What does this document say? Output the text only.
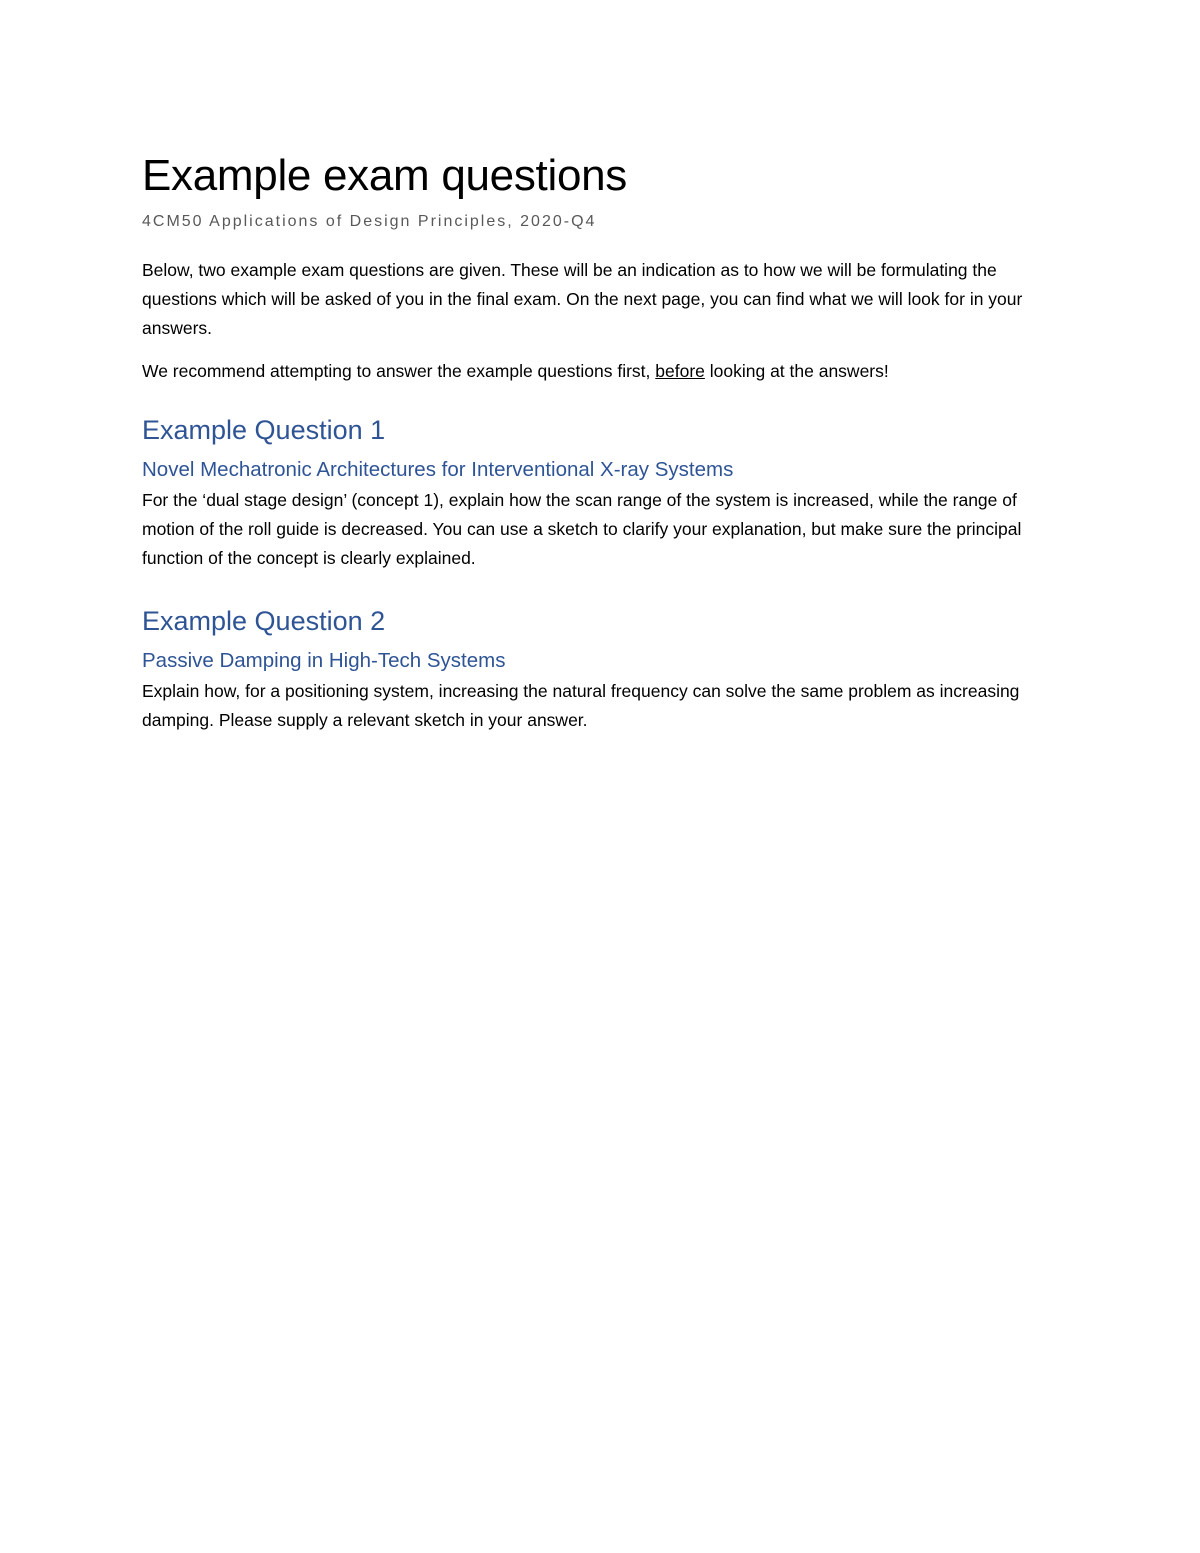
Example exam questions
4CM50 Applications of Design Principles, 2020-Q4

Below, two example exam questions are given. These will be an indication as to how we will be formulating the questions which will be asked of you in the final exam. On the next page, you can find what we will look for in your answers.

We recommend attempting to answer the example questions first, before looking at the answers!

Example Question 1
Novel Mechatronic Architectures for Interventional X-ray Systems

For the ‘dual stage design’ (concept 1), explain how the scan range of the system is increased, while the range of motion of the roll guide is decreased. You can use a sketch to clarify your explanation, but make sure the principal function of the concept is clearly explained.

Example Question 2
Passive Damping in High-Tech Systems

Explain how, for a positioning system, increasing the natural frequency can solve the same problem as increasing damping. Please supply a relevant sketch in your answer.
